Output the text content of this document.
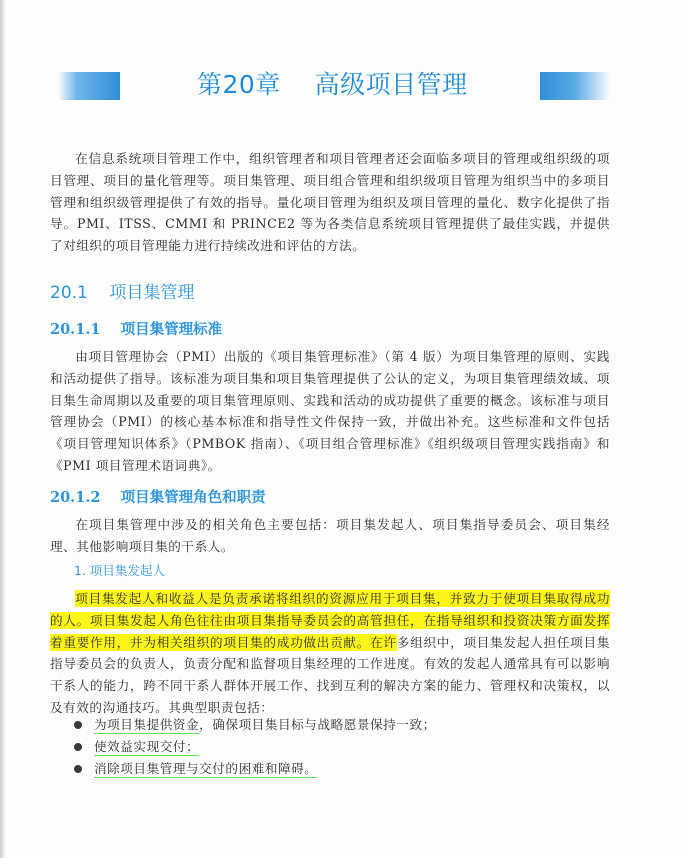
第20章    高级项目管理

在信息系统项目管理工作中，组织管理者和项目管理者还会面临多项目的管理或组织级的项目管理、项目的量化管理等。项目集管理、项目组合管理和组织级项目管理为组织当中的多项目管理和组织级管理提供了有效的指导。量化项目管理为组织及项目管理的量化、数字化提供了指导。PMI、ITSS、CMMI 和 PRINCE2 等为各类信息系统项目管理提供了最佳实践，并提供了对组织的项目管理能力进行持续改进和评估的方法。

20.1    项目集管理
20.1.1    项目集管理标准

由项目管理协会（PMI）出版的《项目集管理标准》（第 4 版）为项目集管理的原则、实践和活动提供了指导。该标准为项目集和项目集管理提供了公认的定义，为项目集管理绩效域、项目集生命周期以及重要的项目集管理原则、实践和活动的成功提供了重要的概念。该标准与项目管理协会（PMI）的核心基本标准和指导性文件保持一致，并做出补充。这些标准和文件包括《项目管理知识体系》（PMBOK 指南）、《项目组合管理标准》《组织级项目管理实践指南》和《PMI 项目管理术语词典》。

20.1.2    项目集管理角色和职责

在项目集管理中涉及的相关角色主要包括：项目集发起人、项目集指导委员会、项目集经理、其他影响项目集的干系人。

1. 项目集发起人

项目集发起人和收益人是负责承诺将组织的资源应用于项目集，并致力于使项目集取得成功的人。项目集发起人角色往往由项目集指导委员会的高管担任，在指导组织和投资决策方面发挥着重要作用，并为相关组织的项目集的成功做出贡献。在许多组织中，项目集发起人担任项目集指导委员会的负责人，负责分配和监督项目集经理的工作进度。有效的发起人通常具有可以影响干系人的能力，跨不同干系人群体开展工作、找到互利的解决方案的能力、管理权和决策权，以及有效的沟通技巧。其典型职责包括：

为项目集提供资金，确保项目集目标与战略愿景保持一致；
使效益实现交付；
消除项目集管理与交付的困难和障碍。
